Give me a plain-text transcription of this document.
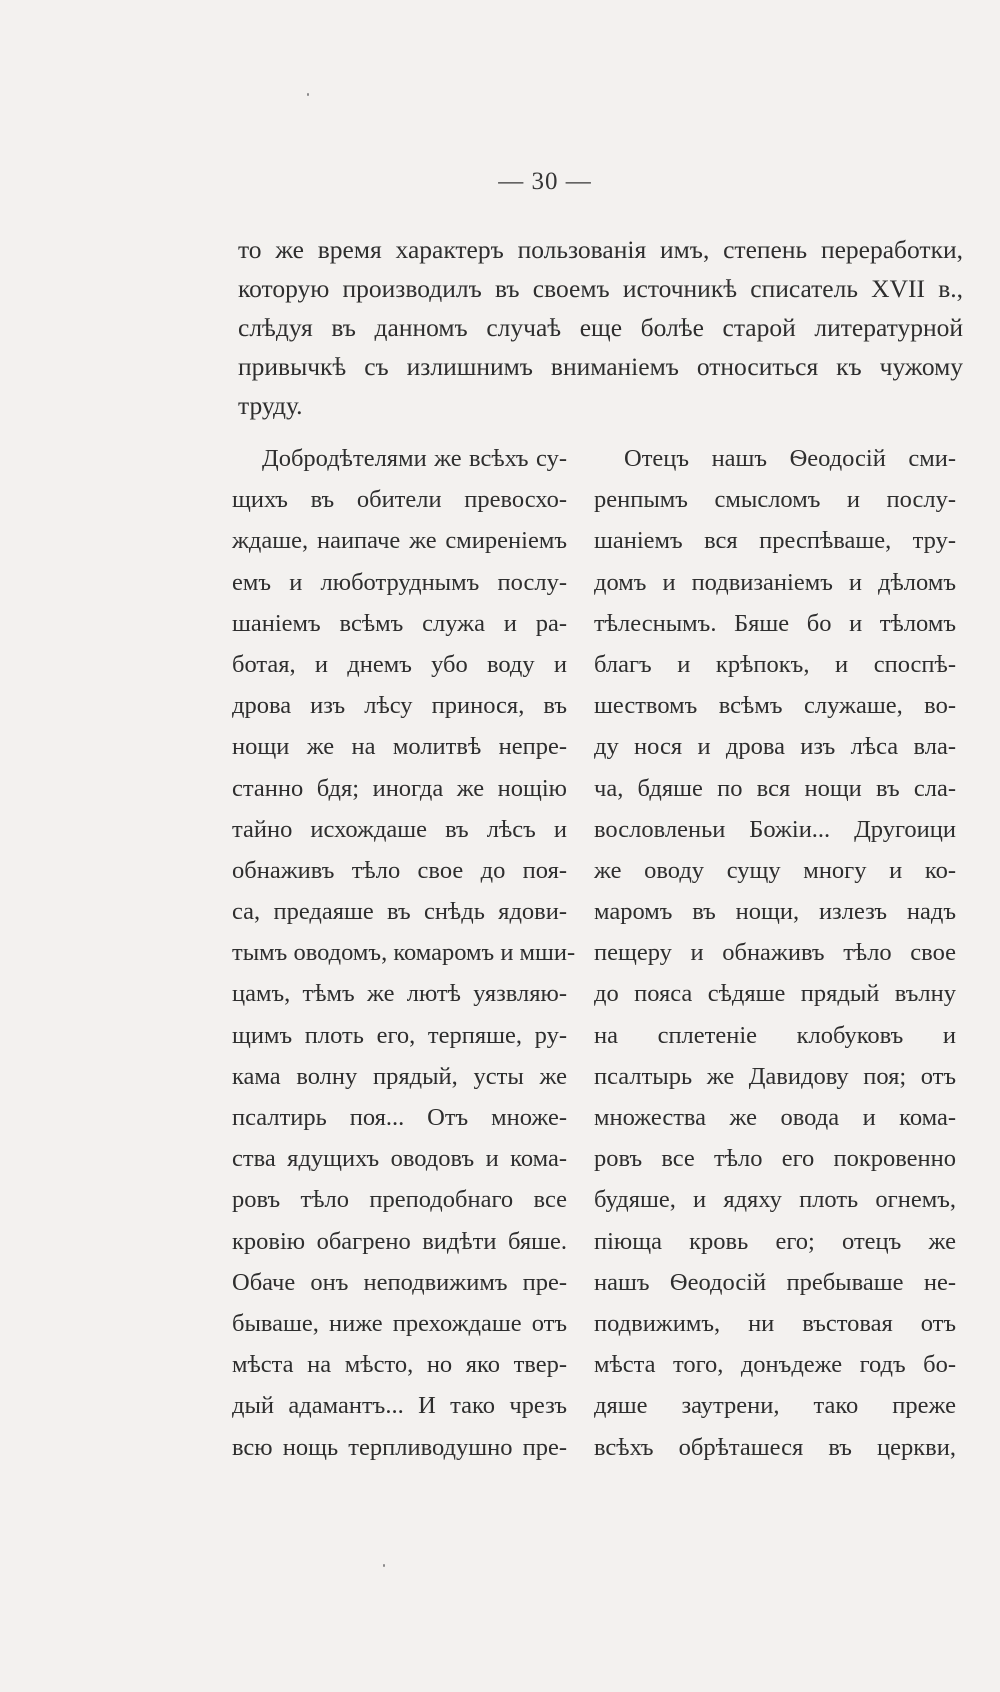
— 30 —
то же время характеръ пользованія имъ, степень переработки,
которую производилъ въ своемъ источникѣ списатель XVII в.,
слѣдуя въ данномъ случаѣ еще болѣе старой литературной
привычкѣ съ излишнимъ вниманіемъ относиться къ чужому
труду.
Добродѣтелями же всѣхъ су-
щихъ въ обители превосхо-
ждаше, наипаче же смиреніемъ
емъ и люботруднымъ послу-
шаніемъ всѣмъ служа и ра-
ботая, и днемъ убо воду и
дрова изъ лѣсу принося, въ
нощи же на молитвѣ непре-
станно бдя; иногда же нощію
тайно исхождаше въ лѣсъ и
обнаживъ тѣло свое до поя-
са, предаяше въ снѣдь ядови-
тымъ оводомъ, комаромъ и мши-
цамъ, тѣмъ же лютѣ уязвляю-
щимъ плоть его, терпяше, ру-
кама волну прядый, усты же
псалтирь поя... Отъ множе-
ства ядущихъ оводовъ и кома-
ровъ тѣло преподобнаго все
кровію обагрено видѣти бяше.
Обаче онъ неподвижимъ пре-
бываше, ниже прехождаше отъ
мѣста на мѣсто, но яко твер-
дый адамантъ... И тако чрезъ
всю нощь терпливодушно пре-
Отецъ нашъ Ѳеодосій сми-
ренпымъ смысломъ и послу-
шаніемъ вся преспѣваше, тру-
домъ и подвизаніемъ и дѣломъ
тѣлеснымъ. Бяше бо и тѣломъ
благъ и крѣпокъ, и споспѣ-
шествомъ всѣмъ служаше, во-
ду нося и дрова изъ лѣса вла-
ча, бдяше по вся нощи въ сла-
вословленьи Божіи... Другоици
же оводу сущу многу и ко-
маромъ въ нощи, излезъ надъ
пещеру и обнаживъ тѣло свое
до пояса сѣдяше прядый вълну
на сплетеніе клобуковъ и
псалтырь же Давидову поя; отъ
множества же овода и кома-
ровъ все тѣло его покровенно
будяше, и ядяху плоть огнемъ,
піюща кровь его; отецъ же
нашъ Ѳеодосій пребываше не-
подвижимъ, ни въстовая отъ
мѣста того, донъдеже годъ бо-
дяше заутрени, тако преже
всѣхъ обрѣташеся въ церкви,
